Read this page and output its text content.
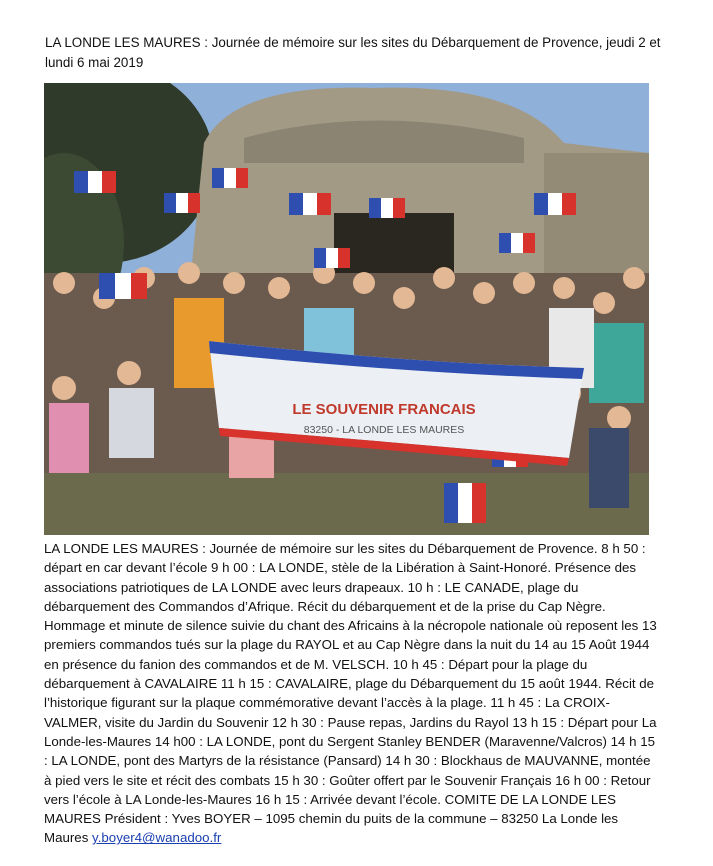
LA LONDE LES MAURES : Journée de mémoire sur les sites du Débarquement de Provence, jeudi 2 et lundi 6 mai 2019
LE SOUVENIR FRANCAIS
83250 - LA LONDE LES MAURES
LA LONDE LES MAURES : Journée de mémoire sur les sites du Débarquement de Provence. 8 h 50 : départ en car devant l’école 9 h 00 : LA LONDE, stèle de la Libération à Saint-Honoré. Présence des associations patriotiques de LA LONDE avec leurs drapeaux. 10 h : LE CANADE, plage du débarquement des Commandos d’Afrique. Récit du débarquement et de la prise du Cap Nègre. Hommage et minute de silence suivie du chant des Africains à la nécropole nationale où reposent les 13 premiers commandos tués sur la plage du RAYOL et au Cap Nègre dans la nuit du 14 au 15 Août 1944 en présence du fanion des commandos et de M. VELSCH. 10 h 45 : Départ pour la plage du débarquement à CAVALAIRE 11 h 15 : CAVALAIRE, plage du Débarquement du 15 août 1944. Récit de l’historique figurant sur la plaque commémorative devant l’accès à la plage. 11 h 45 : La CROIX-VALMER, visite du Jardin du Souvenir 12 h 30 : Pause repas, Jardins du Rayol 13 h 15 : Départ pour La Londe-les-Maures 14 h00 : LA LONDE, pont du Sergent Stanley BENDER (Maravenne/Valcros) 14 h 15 : LA LONDE, pont des Martyrs de la résistance (Pansard) 14 h 30 : Blockhaus de MAUVANNE, montée à pied vers le site et récit des combats 15 h 30 : Goûter offert par le Souvenir Français 16 h 00 : Retour vers l’école à LA Londe-les-Maures 16 h 15 : Arrivée devant l’école. COMITE DE LA LONDE LES MAURES Président : Yves BOYER – 1095 chemin du puits de la commune – 83250 La Londe les Maures y.boyer4@wanadoo.fr
